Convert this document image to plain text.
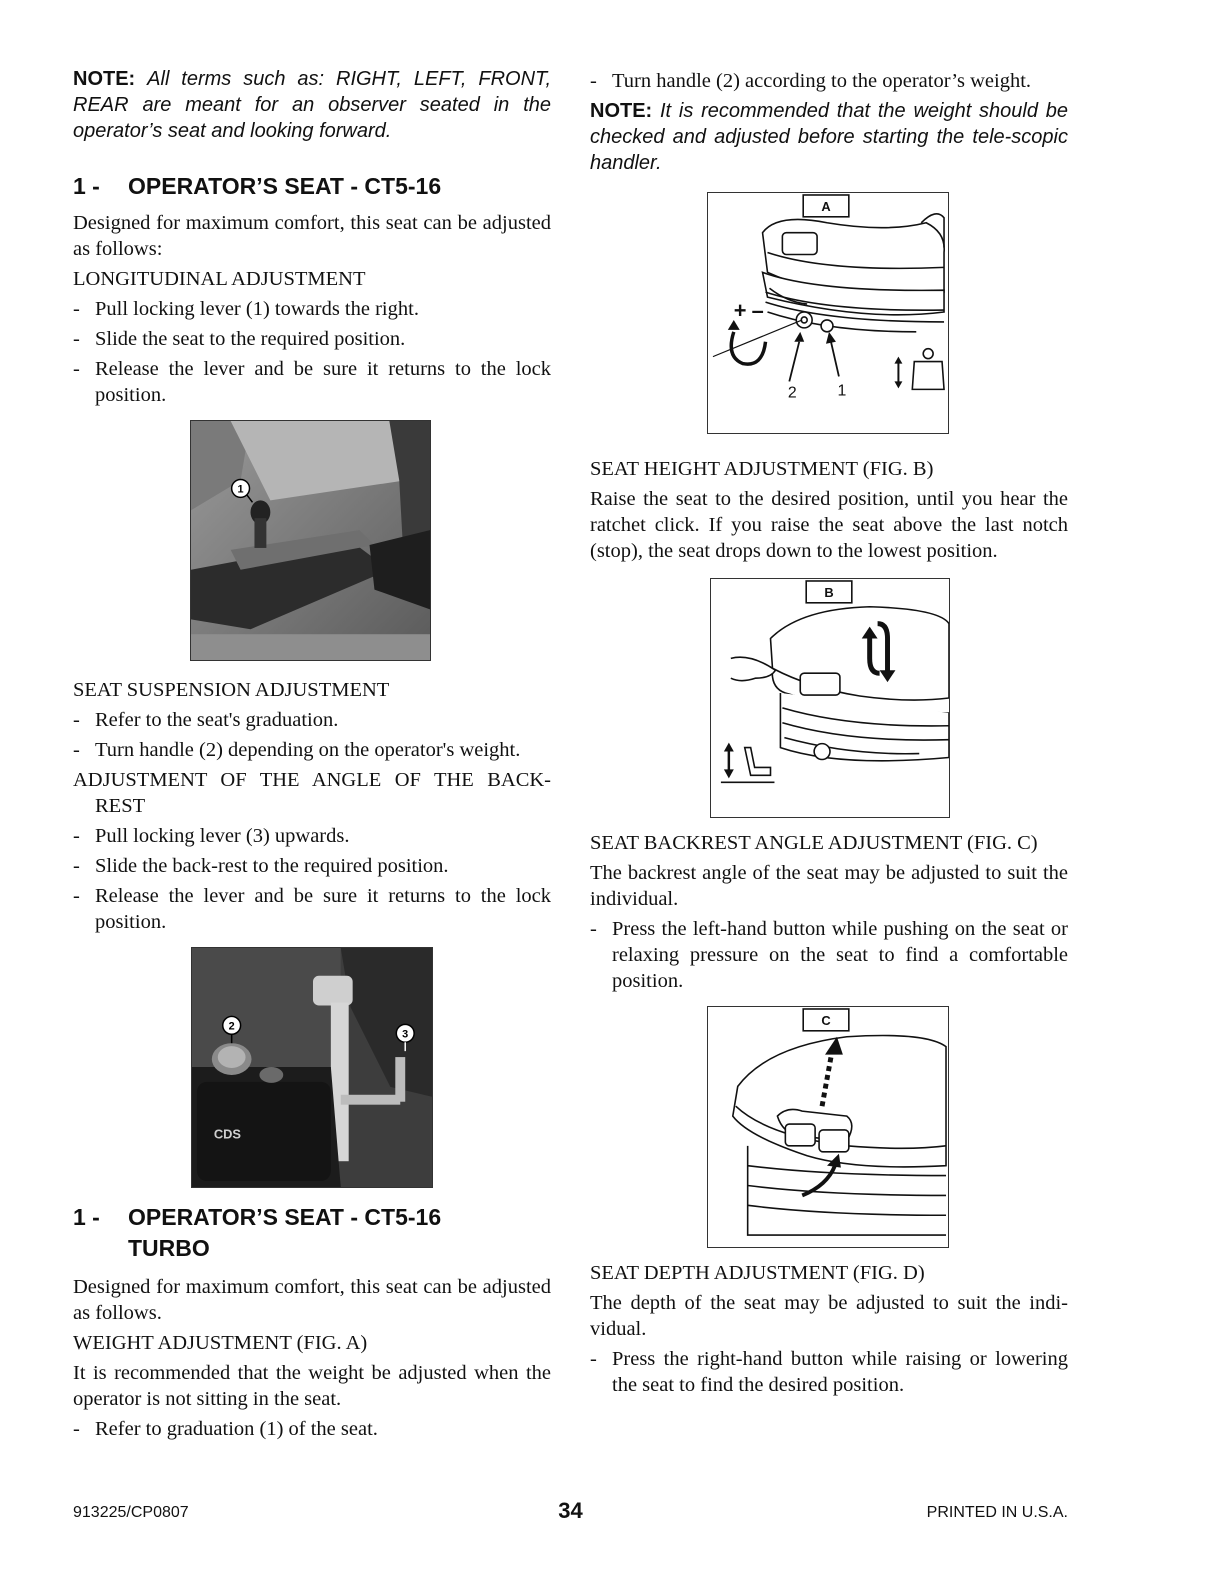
NOTE: All terms such as: RIGHT, LEFT, FRONT, REAR are meant for an observer seated in the operator’s seat and looking forward.
1 -	OPERATOR’S SEAT - CT5-16
Designed for maximum comfort, this seat can be adjusted as follows:
LONGITUDINAL ADJUSTMENT
- Pull locking lever (1) towards the right.
- Slide the seat to the required position.
- Release the lever and be sure it returns to the lock position.
1
SEAT SUSPENSION ADJUSTMENT
- Refer to the seat's graduation.
- Turn handle (2) depending on the operator's weight.
ADJUSTMENT OF THE ANGLE OF THE BACK-REST
- Pull locking lever (3) upwards.
- Slide the back-rest to the required position.
- Release the lever and be sure it returns to the lock position.
CDS
2
3
1 -	OPERATOR’S SEAT - CT5-16 TURBO
Designed for maximum comfort, this seat can be adjusted as follows.
WEIGHT ADJUSTMENT (FIG. A)
It is recommended that the weight be adjusted when the operator is not sitting in the seat.
- Refer to graduation (1) of the seat.
- Turn handle (2) according to the operator’s weight.
NOTE: It is recommended that the weight should be checked and adjusted before starting the tele-scopic handler.
A
+ –
2	1
SEAT HEIGHT ADJUSTMENT (FIG. B)
Raise the seat to the desired position, until you hear the ratchet click. If you raise the seat above the last notch (stop), the seat drops down to the lowest position.
B
SEAT BACKREST ANGLE ADJUSTMENT (FIG. C)
The backrest angle of the seat may be adjusted to suit the individual.
- Press the left-hand button while pushing on the seat or relaxing pressure on the seat to find a comfortable position.
C
SEAT DEPTH ADJUSTMENT (FIG. D)
The depth of the seat may be adjusted to suit the indi-vidual.
- Press the right-hand button while raising or lowering the seat to find the desired position.
913225/CP0807	34	PRINTED IN U.S.A.
